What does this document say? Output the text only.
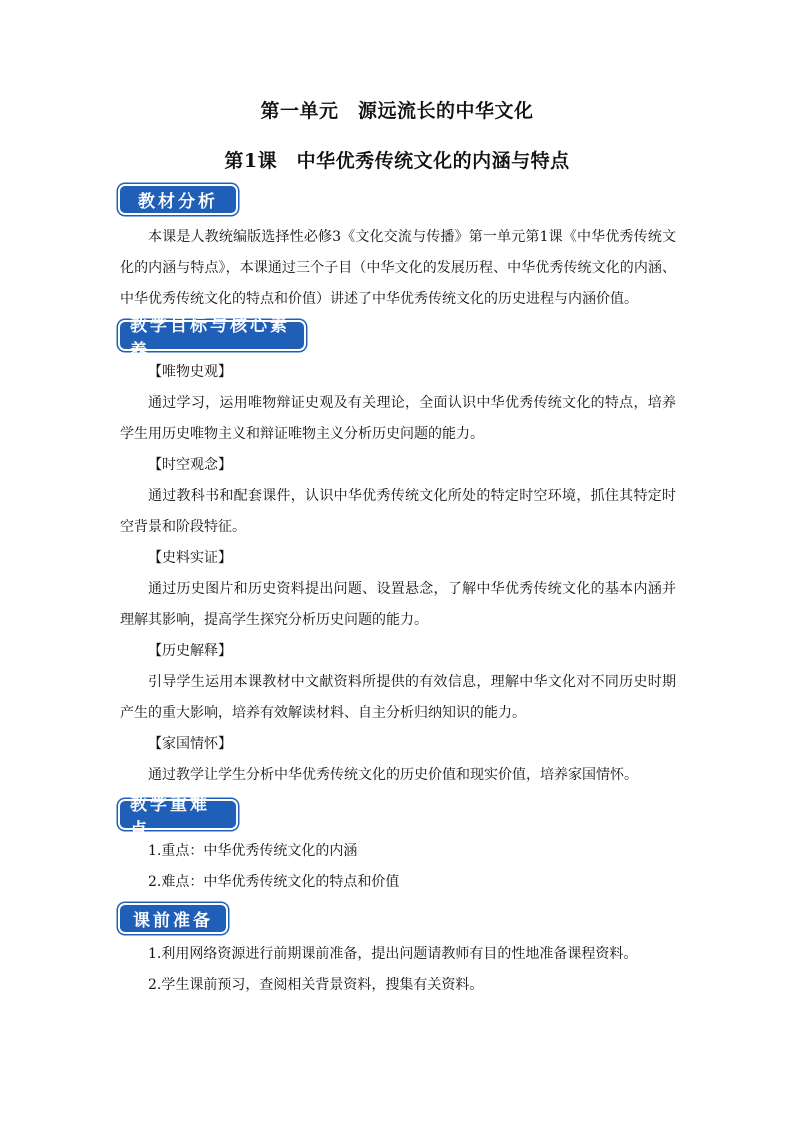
第一单元　源远流长的中华文化
第1课　中华优秀传统文化的内涵与特点
教材分析
本课是人教统编版选择性必修3《文化交流与传播》第一单元第1课《中华优秀传统文化的内涵与特点》，本课通过三个子目（中华文化的发展历程、中华优秀传统文化的内涵、中华优秀传统文化的特点和价值）讲述了中华优秀传统文化的历史进程与内涵价值。
教学目标与核心素养
【唯物史观】
通过学习，运用唯物辩证史观及有关理论，全面认识中华优秀传统文化的特点，培养学生用历史唯物主义和辩证唯物主义分析历史问题的能力。
【时空观念】
通过教科书和配套课件，认识中华优秀传统文化所处的特定时空环境，抓住其特定时空背景和阶段特征。
【史料实证】
通过历史图片和历史资料提出问题、设置悬念，了解中华优秀传统文化的基本内涵并理解其影响，提高学生探究分析历史问题的能力。
【历史解释】
引导学生运用本课教材中文献资料所提供的有效信息，理解中华文化对不同历史时期产生的重大影响，培养有效解读材料、自主分析归纳知识的能力。
【家国情怀】
通过教学让学生分析中华优秀传统文化的历史价值和现实价值，培养家国情怀。
教学重难点
1.重点：中华优秀传统文化的内涵
2.难点：中华优秀传统文化的特点和价值
课前准备
1.利用网络资源进行前期课前准备，提出问题请教师有目的性地准备课程资料。
2.学生课前预习，查阅相关背景资料，搜集有关资料。
